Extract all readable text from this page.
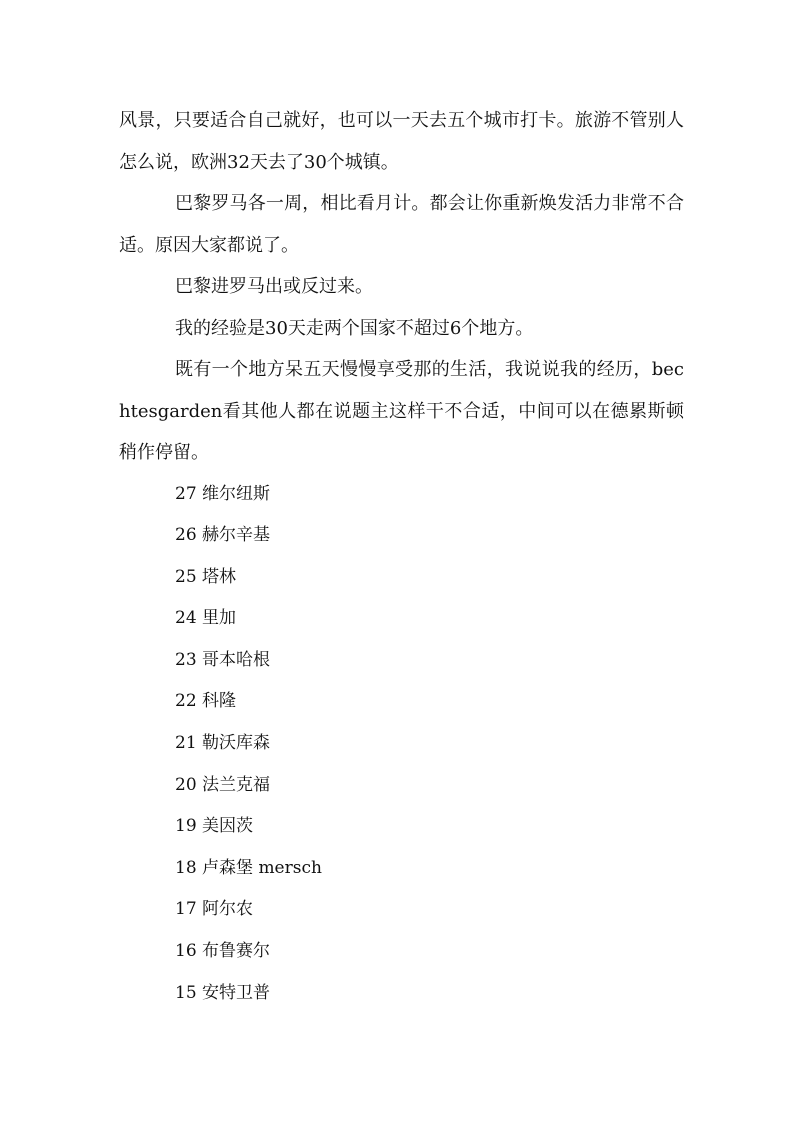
风景，只要适合自己就好，也可以一天去五个城市打卡。旅游不管别人怎么说，欧洲32天去了30个城镇。

巴黎罗马各一周，相比看月计。都会让你重新焕发活力非常不合适。原因大家都说了。

巴黎进罗马出或反过来。

我的经验是30天走两个国家不超过6个地方。

既有一个地方呆五天慢慢享受那的生活，我说说我的经历，bechtesgarden看其他人都在说题主这样干不合适，中间可以在德累斯顿稍作停留。

27 维尔纽斯

26 赫尔辛基

25 塔林

24 里加

23 哥本哈根

22 科隆

21 勒沃库森

20 法兰克福

19 美因茨

18 卢森堡 mersch

17 阿尔农

16 布鲁赛尔

15 安特卫普
